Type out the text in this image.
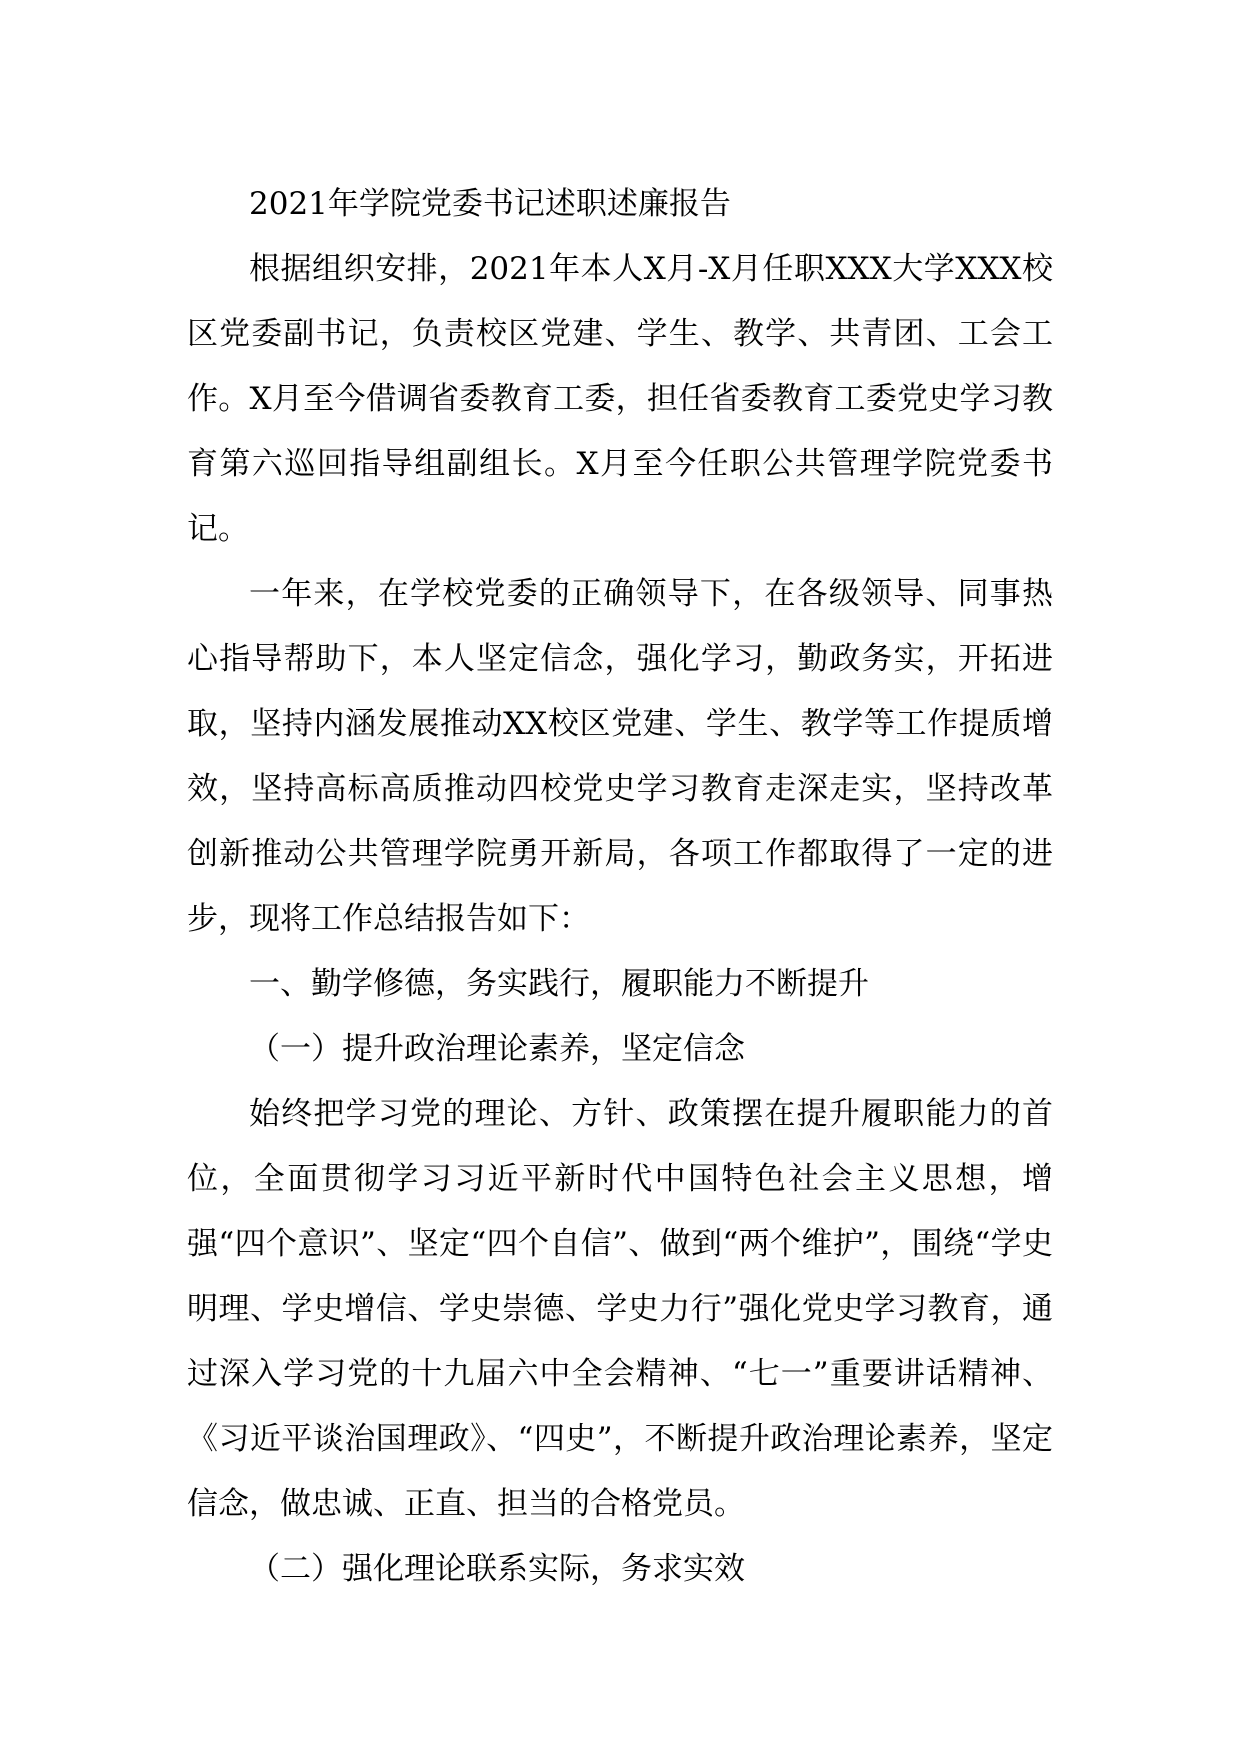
2021年学院党委书记述职述廉报告

根据组织安排，2021年本人X月-X月任职XXX大学XXX校区党委副书记，负责校区党建、学生、教学、共青团、工会工作。X月至今借调省委教育工委，担任省委教育工委党史学习教育第六巡回指导组副组长。X月至今任职公共管理学院党委书记。

一年来，在学校党委的正确领导下，在各级领导、同事热心指导帮助下，本人坚定信念，强化学习，勤政务实，开拓进取，坚持内涵发展推动XX校区党建、学生、教学等工作提质增效，坚持高标高质推动四校党史学习教育走深走实，坚持改革创新推动公共管理学院勇开新局，各项工作都取得了一定的进步，现将工作总结报告如下：

一、勤学修德，务实践行，履职能力不断提升

（一）提升政治理论素养，坚定信念

始终把学习党的理论、方针、政策摆在提升履职能力的首位，全面贯彻学习习近平新时代中国特色社会主义思想，增强“四个意识”、坚定“四个自信”、做到“两个维护”，围绕“学史明理、学史增信、学史崇德、学史力行”强化党史学习教育，通过深入学习党的十九届六中全会精神、“七一”重要讲话精神、《习近平谈治国理政》、“四史”，不断提升政治理论素养，坚定信念，做忠诚、正直、担当的合格党员。

（二）强化理论联系实际，务求实效
